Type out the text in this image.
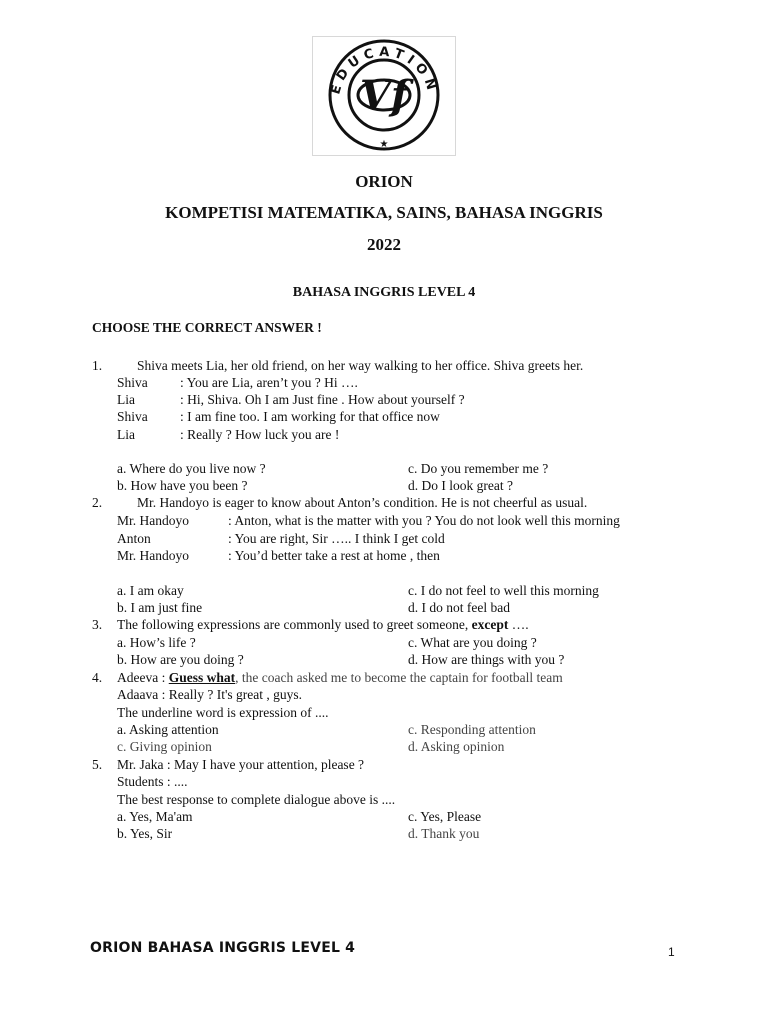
EDUCATION
Vf
★
ORION
KOMPETISI MATEMATIKA, SAINS, BAHASA INGGRIS
2022
BAHASA INGGRIS LEVEL 4
CHOOSE THE CORRECT ANSWER !
1.	Shiva meets Lia, her old friend, on her way walking to her office. Shiva greets her.
Shiva : You are Lia, aren’t you ? Hi ….
Lia	: Hi, Shiva. Oh I am Just fine . How about yourself ?
Shiva : I am fine too. I am working for that office now
Lia	: Really ? How luck you are !
a. Where do you live now ?	c. Do you remember me ?
b. How have you been ?	d. Do I look great ?
2.	Mr. Handoyo is eager to know about Anton’s condition. He is not cheerful as usual.
Mr. Handoyo	: Anton, what is the matter with you ? You do not look well this morning
Anton	: You are right, Sir ….. I think I get cold
Mr. Handoyo	: You’d better take a rest at home , then
a. I am okay	c. I do not feel to well this morning
b. I am just fine	d. I do not feel bad
3. The following expressions are commonly used to greet someone, except ….
a. How’s life ?	c. What are you doing ?
b. How are you doing ?	d. How are things with you ?
4. Adeeva : Guess what, the coach asked me to become the captain for football team
Adaava : Really ? It's great , guys.
The underline word is expression of ....
a. Asking attention	c. Responding attention
c. Giving opinion	d. Asking opinion
5. Mr. Jaka : May I have your attention, please ?
Students : ....
The best response to complete dialogue above is ....
a. Yes, Ma'am	c. Yes, Please
b. Yes, Sir	d. Thank you
ORION BAHASA INGGRIS LEVEL 4	1
